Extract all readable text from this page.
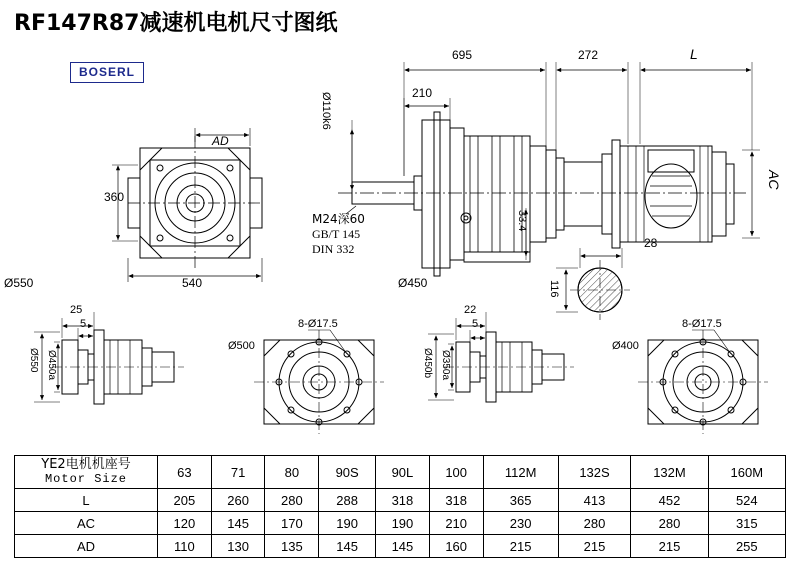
RF147R87减速机电机尺寸图纸
BOSERL
695	272	L
210
Ø110k6
33.4
AC
AD
360
540
28
116
Ø550	Ø450
Ø500	Ø400
Ø550 Ø450a	Ø450b Ø350a
25
5
22
5
8-Ø17.5	8-Ø17.5
M24深60
GB/T 145
DIN 332
YE2电机机座号
Motor Size	63	71	80	90S	90L	100	112M	132S	132M	160M
L	205	260	280	288	318	318	365	413	452	524
AC	120	145	170	190	190	210	230	280	280	315
AD	110	130	135	145	145	160	215	215	215	255
